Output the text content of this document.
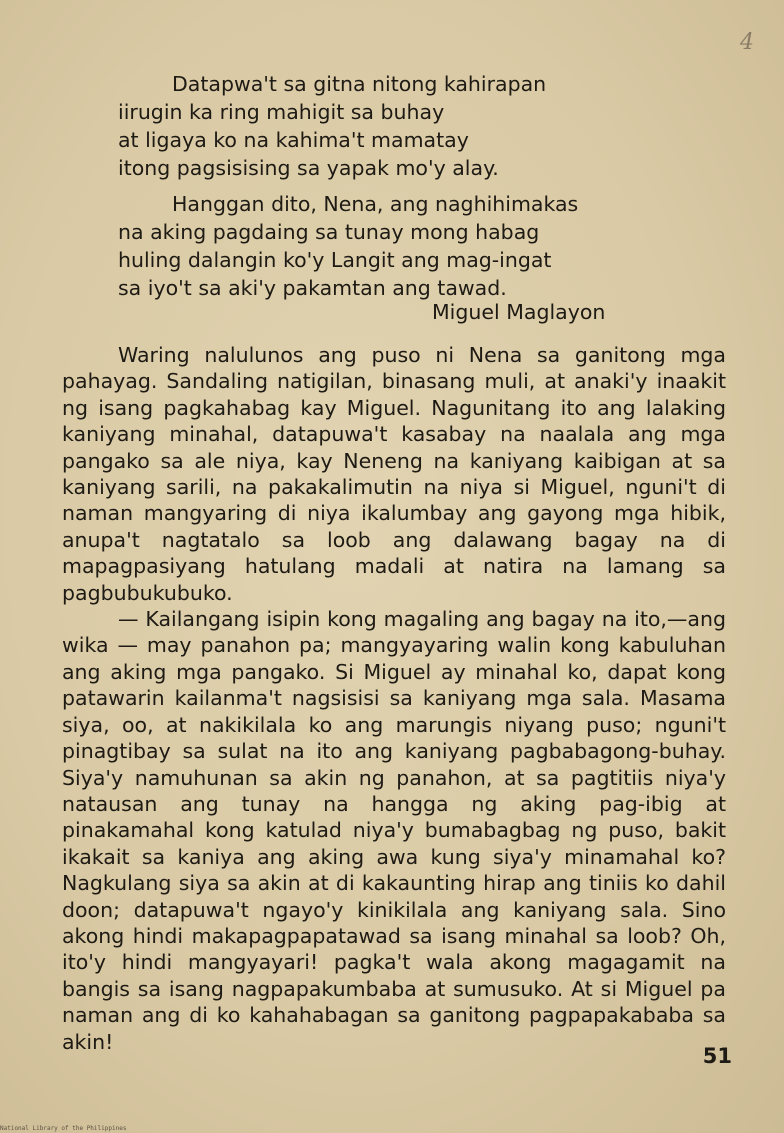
4
Datapwa't sa gitna nitong kahirapan
iirugin ka ring mahigit sa buhay
at ligaya ko na kahima't mamatay
itong pagsisising sa yapak mo'y alay.
Hanggan dito, Nena, ang naghihimakas
na aking pagdaing sa tunay mong habag
huling dalangin ko'y Langit ang mag-ingat
sa iyo't sa aki'y pakamtan ang tawad.
Miguel Maglayon

Waring nalulunos ang puso ni Nena sa ganitong mga pahayag. Sandaling natigilan, binasang muli, at anaki'y inaakit ng isang pagkahabag kay Miguel. Nagunitang ito ang lalaking kaniyang minahal, datapuwa't kasabay na naalala ang mga pangako sa ale niya, kay Neneng na kaniyang kaibigan at sa kaniyang sarili, na pakakalimutin na niya si Miguel, nguni't di naman mangyaring di niya ikalumbay ang gayong mga hibik, anupa't nagtatalo sa loob ang dalawang bagay na di mapagpasiyang hatulang madali at natira na lamang sa pagbubukubuko.

— Kailangang isipin kong magaling ang bagay na ito,—ang wika — may panahon pa; mangyayaring walin kong kabuluhan ang aking mga pangako. Si Miguel ay minahal ko, dapat kong patawarin kailanma't nagsisisi sa kaniyang mga sala. Masama siya, oo, at nakikilala ko ang marungis niyang puso; nguni't pinagtibay sa sulat na ito ang kaniyang pagbabagong-buhay. Siya'y namuhunan sa akin ng panahon, at sa pagtitiis niya'y natausan ang tunay na hangga ng aking pag-ibig at pinakamahal kong katulad niya'y bumabagbag ng puso, bakit ikakait sa kaniya ang aking awa kung siya'y minamahal ko? Nagkulang siya sa akin at di kakaunting hirap ang tiniis ko dahil doon; datapuwa't ngayo'y kinikilala ang kaniyang sala. Sino akong hindi makapagpapatawad sa isang minahal sa loob? Oh, ito'y hindi mangyayari! pagka't wala akong magagamit na bangis sa isang nagpapakumbaba at sumusuko. At si Miguel pa naman ang di ko kahahabagan sa ganitong pagpapakababa sa akin!

51
National Library of the Philippines
